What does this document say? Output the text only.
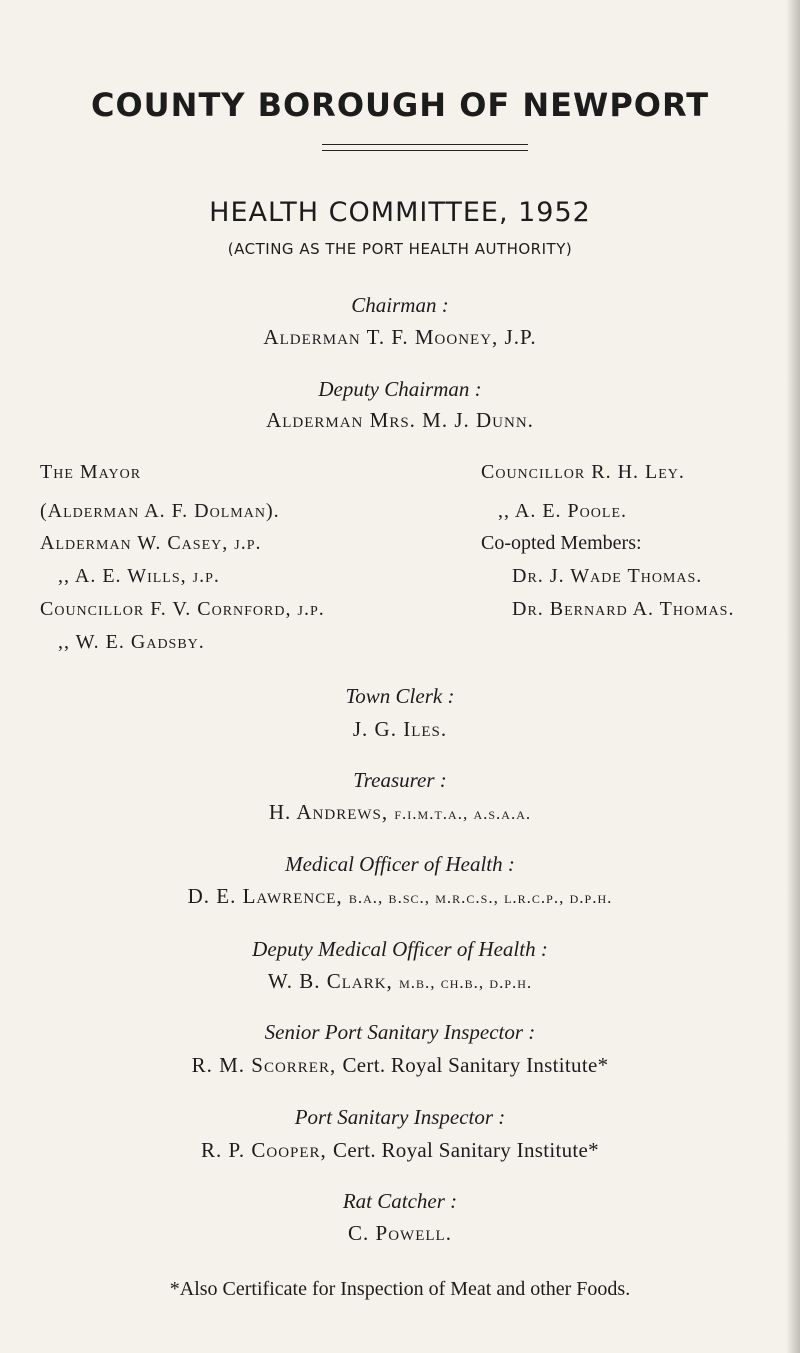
COUNTY BOROUGH OF NEWPORT
HEALTH COMMITTEE, 1952
(ACTING AS THE PORT HEALTH AUTHORITY)
Chairman :
Alderman T. F. Mooney, J.P.
Deputy Chairman :
Alderman Mrs. M. J. Dunn.
The Mayor
(Alderman A. F. Dolman).
Alderman W. Casey, j.p.
,, A. E. Wills, j.p.
Councillor F. V. Cornford, j.p.
,, W. E. Gadsby.
Councillor R. H. Ley.
,, A. E. Poole.
Co-opted Members:
Dr. J. Wade Thomas.
Dr. Bernard A. Thomas.
Town Clerk :
J. G. Iles.
Treasurer :
H. Andrews, f.i.m.t.a., a.s.a.a.
Medical Officer of Health :
D. E. Lawrence, b.a., b.sc., m.r.c.s., l.r.c.p., d.p.h.
Deputy Medical Officer of Health :
W. B. Clark, m.b., ch.b., d.p.h.
Senior Port Sanitary Inspector :
R. M. Scorrer, Cert. Royal Sanitary Institute*
Port Sanitary Inspector :
R. P. Cooper, Cert. Royal Sanitary Institute*
Rat Catcher :
C. Powell.
*Also Certificate for Inspection of Meat and other Foods.
